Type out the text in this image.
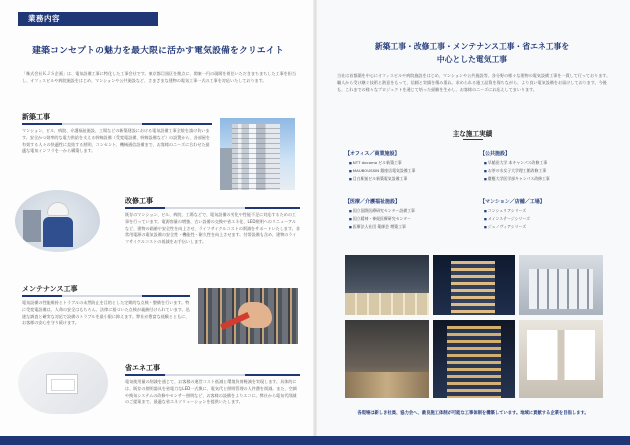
業務内容
建築コンセプトの魅力を最大限に活かす電気設備をクリエイト
「株式会社ＫＪＳ企画」は、電気設備工事に特化した工事会社です。東京都目黒区を拠点に、関東一円の現場を着任いただきまちまちした工事を担当し、オフィスビルや病院施設をはじめ、マンションや公共施設など、さまざまな建物の電気工事一式の工事を対応いたしております。
新築工事
マンション、ビル、病院、介護福祉施設、工場などの新築建設における電気設備工事全般を請け負います。安全かつ効率的な電力供給を支える幹線設備（受変電設備、幹線設備など）の設置から、各部屋を有効する人々の快適性に直結する照明、コンセント、機械通信設備まで、お客様のニーズに合わせた最適な電気インフラを一から構築します。
改修工事
既存のマンション、ビル、病院、工場などで、電気設備の劣化や性能不足に対応するための工事を行っています。電源容量の増強、古い設備の交換や省エネ化、LED照明へのリニューアルなど、建物の価値や安全性を向上させ、ライフサイクルコストの削減をサポートいたします。非常用電源の電気設備の安全性・機能性・耐久性を向上させます。付帯設備も含め、建物のライフサイクルコストの低減をお手伝いします。
メンテナンス工事
電気設備の性能維持とトラブルの未然防止を目的とした定期的な点検・整備を行います。特に受変電設備は、人命の安全はもちろん、法律に基づいた点検が義務付けられています。迅速な調査と確実な対応で設備のトラブルを最小限に抑えます。弊社が豊富な経験とともに、お客様の安心を守り続けます。
省エネ工事
電気使用量の削減を通じて、お客様の運営コスト低減と環境負荷軽減を実現します。具体的には、既存の照明器具を省電力なLED一式換に、電気代と照明管理の人件費を削減。また、空調や換気システムの改修やセンサー照明など、お客様の設備をよりエコに。弊社から電気代削減のご提案まで、最適な省エネソリューションを提供いたします。
新築工事・改修工事・メンテナンス工事・省エネ工事を
中心とした電気工事
当社は首都圏を中心にオフィスビルや病院施設をはじめ、マンションや公共施設等、各分野の様々な建物の電気設備工事を一貫して行っております。職人から受け継ぐ技術と熱意をもって、信頼と実績を積み重ね、求められる施工品質を保ちながら、より良い電気設備をお届けしております。今後も、これまでの様々なプロジェクトを通じて培った経験を生かし、お客様のニーズにお応えしてまいります。
主な施工実績
【オフィス／商業施設】
■ NTT docomo ビル新築工事
■ MAUBOUSSIN 銀座店電気設備工事
■ 目白駅前ビル新築電気設備工事
【公共施設】
■ 早稲田大学 本キャンパス改修工事
■ お茶の水女子大学理工館改修工事
■ 慶應大学医学部キャンパス改修工事
【医療／介護福祉施設】
■ 国立国際医療研究センター設備工事
■ 国立精神・神経医療研究センター
■ 医療法人社団 薬師会 増築工事
【マンション／店舗／工場】
■ コンシェリアシリーズ
■ メインステージシリーズ
■ ジェノヴィアシリーズ
各現場は新しき社員、協力会へ、最良施工体制が可能な工事体制を構築しています。地域に貢献する企業を目指します。
